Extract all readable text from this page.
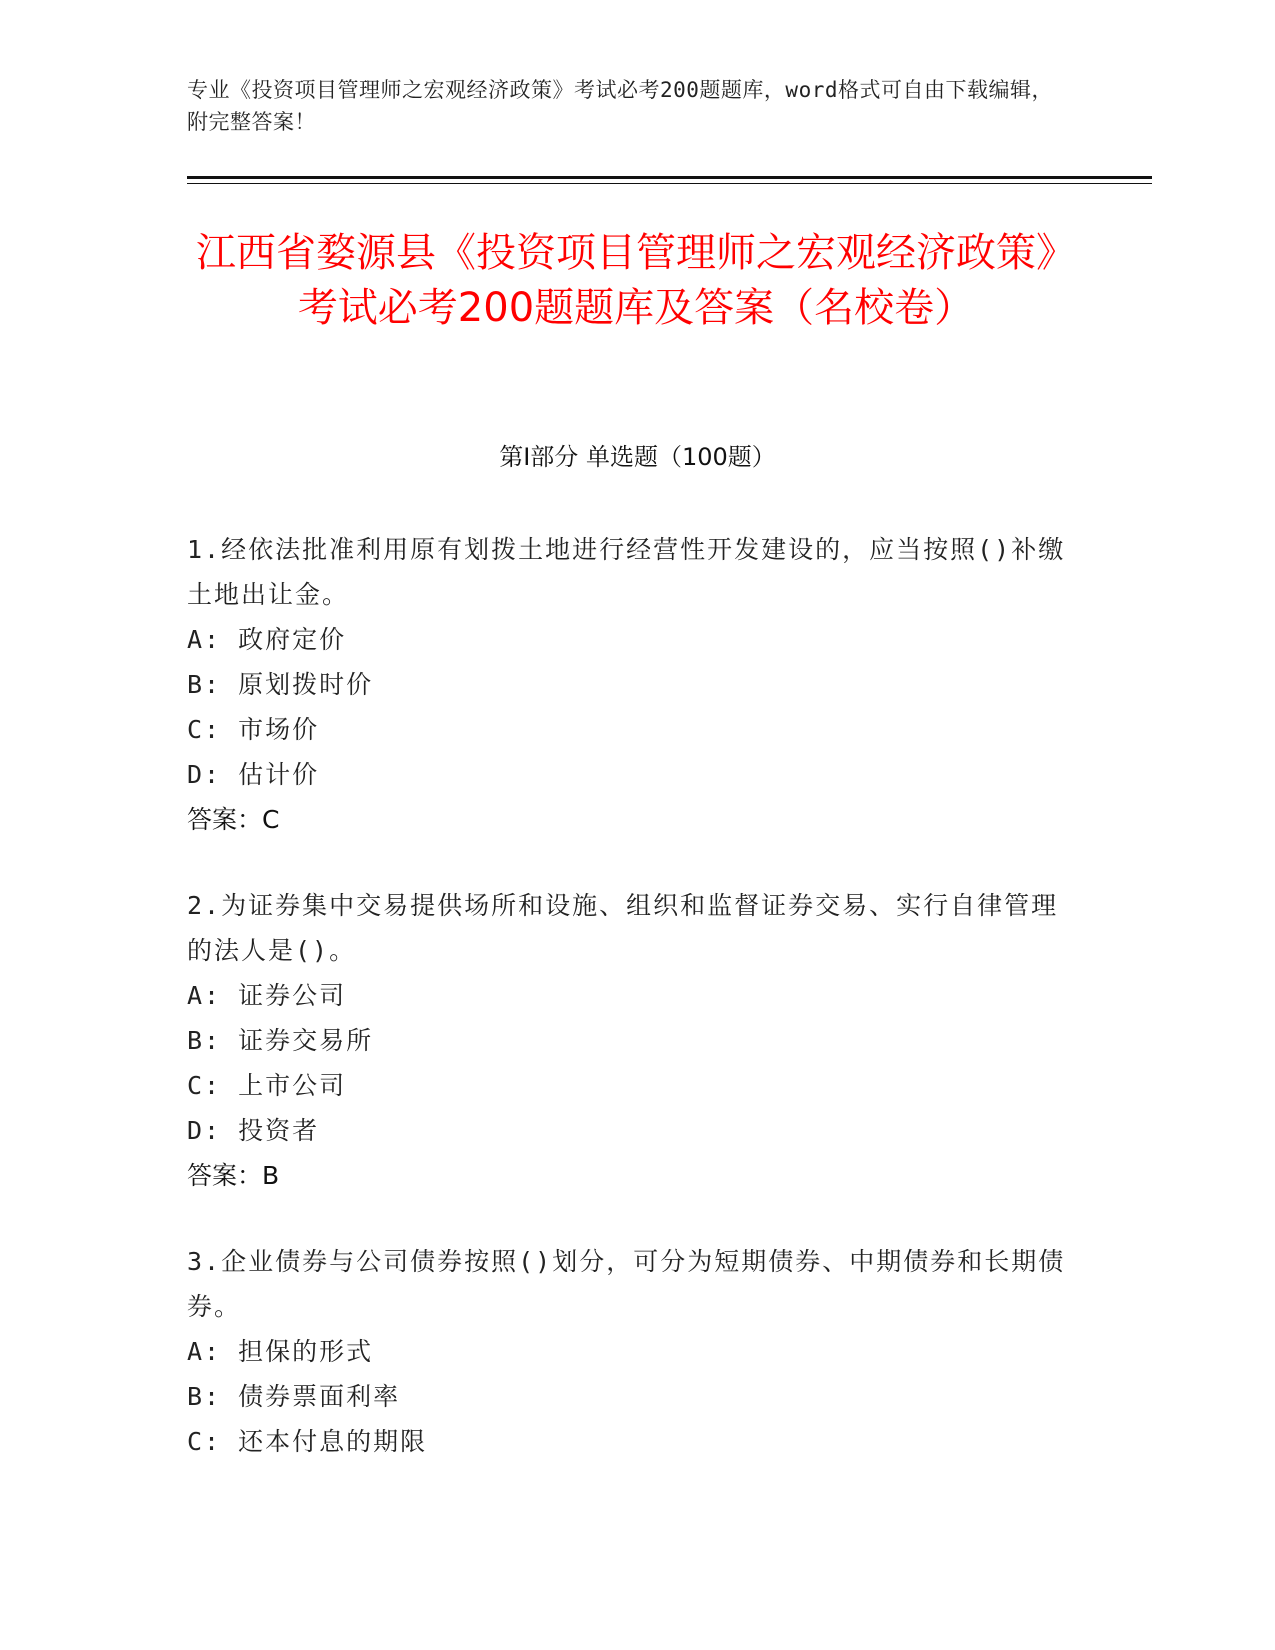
专业《投资项目管理师之宏观经济政策》考试必考200题题库，word格式可自由下载编辑，附完整答案！
江西省婺源县《投资项目管理师之宏观经济政策》考试必考200题题库及答案（名校卷）
第I部分 单选题（100题）
1.经依法批准利用原有划拨土地进行经营性开发建设的，应当按照()补缴土地出让金。
A: 政府定价
B: 原划拨时价
C: 市场价
D: 估计价
答案：C
2.为证券集中交易提供场所和设施、组织和监督证券交易、实行自律管理的法人是()。
A: 证券公司
B: 证券交易所
C: 上市公司
D: 投资者
答案：B
3.企业债券与公司债券按照()划分，可分为短期债券、中期债券和长期债券。
A: 担保的形式
B: 债券票面利率
C: 还本付息的期限
